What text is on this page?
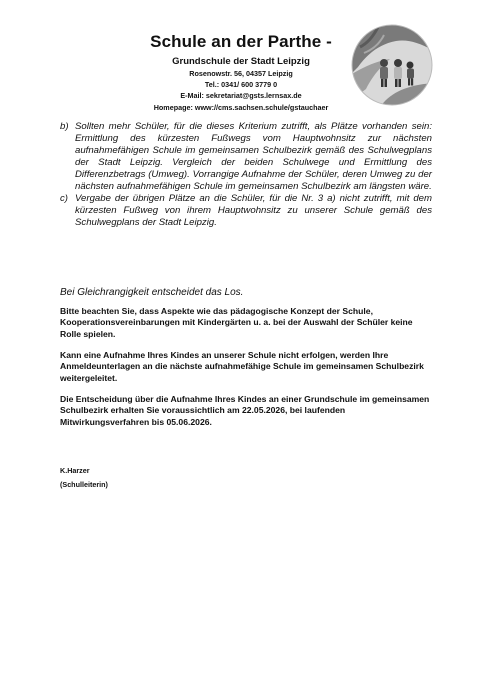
Schule an der Parthe -
Grundschule der Stadt Leipzig
Rosenowstr. 56, 04357 Leipzig
Tel.: 0341/ 600 3779 0
E-Mail: sekretariat@gsts.lernsax.de
Homepage: www://cms.sachsen.schule/gstauchaer
b) Sollten mehr Schüler, für die dieses Kriterium zutrifft, als Plätze vorhanden sein: Ermittlung des kürzesten Fußwegs vom Hauptwohnsitz zur nächsten aufnahmefähigen Schule im gemeinsamen Schulbezirk gemäß des Schulwegplans der Stadt Leipzig. Vergleich der beiden Schulwege und Ermittlung des Differenzbetrags (Umweg). Vorrangige Aufnahme der Schüler, deren Umweg zu der nächsten aufnahmefähigen Schule im gemeinsamen Schulbezirk am längsten wäre.
c) Vergabe der übrigen Plätze an die Schüler, für die Nr. 3 a) nicht zutrifft, mit dem kürzesten Fußweg von ihrem Hauptwohnsitz zu unserer Schule gemäß des Schulwegplans der Stadt Leipzig.
Bei Gleichrangigkeit entscheidet das Los.
Bitte beachten Sie, dass Aspekte wie das pädagogische Konzept der Schule, Kooperationsvereinbarungen mit Kindergärten u. a. bei der Auswahl der Schüler keine Rolle spielen.
Kann eine Aufnahme Ihres Kindes an unserer Schule nicht erfolgen, werden Ihre Anmeldeunterlagen an die nächste aufnahmefähige Schule im gemeinsamen Schulbezirk weitergeleitet.
Die Entscheidung über die Aufnahme Ihres Kindes an einer Grundschule im gemeinsamen Schulbezirk erhalten Sie voraussichtlich am 22.05.2026, bei laufenden Mitwirkungsverfahren bis 05.06.2026.
K.Harzer
(Schulleiterin)
